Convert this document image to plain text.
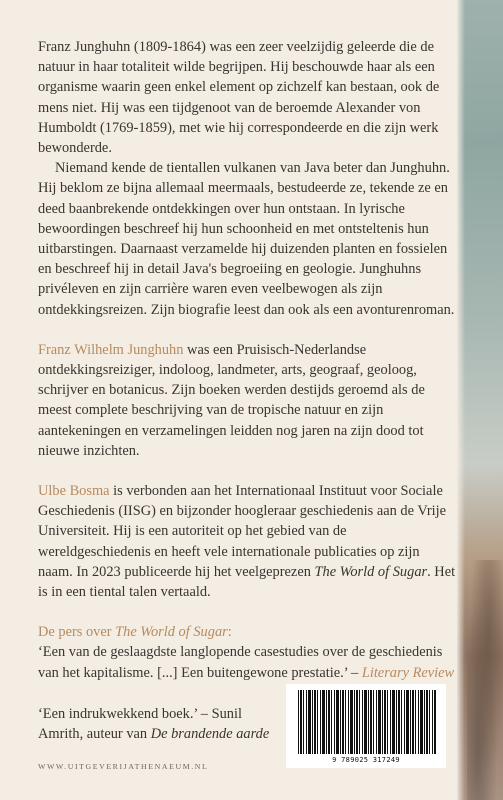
Franz Junghuhn (1809-1864) was een zeer veelzijdig geleerde die de natuur in haar totaliteit wilde begrijpen. Hij beschouwde haar als een organisme waarin geen enkel element op zichzelf kan bestaan, ook de mens niet. Hij was een tijdgenoot van de beroemde Alexander von Humboldt (1769-1859), met wie hij correspondeerde en die zijn werk bewonderde.

Niemand kende de tientallen vulkanen van Java beter dan Junghuhn. Hij beklom ze bijna allemaal meermaals, bestudeerde ze, tekende ze en deed baanbrekende ontdekkingen over hun ontstaan. In lyrische bewoordingen beschreef hij hun schoonheid en met ontsteltenis hun uitbarstingen. Daarnaast verzamelde hij duizenden planten en fossielen en beschreef hij in detail Java's begroeiing en geologie. Junghuhns privéleven en zijn carrière waren even veelbewogen als zijn ontdekkingsreizen. Zijn biografie leest dan ook als een avonturenroman.

Franz Wilhelm Junghuhn was een Pruisisch-Nederlandse ontdekkingsreiziger, indoloog, landmeter, arts, geograaf, geoloog, schrijver en botanicus. Zijn boeken werden destijds geroemd als de meest complete beschrijving van de tropische natuur en zijn aantekeningen en verzamelingen leidden nog jaren na zijn dood tot nieuwe inzichten.

Ulbe Bosma is verbonden aan het Internationaal Instituut voor Sociale Geschiedenis (IISG) en bijzonder hoogleraar geschiedenis aan de Vrije Universiteit. Hij is een autoriteit op het gebied van de wereldgeschiedenis en heeft vele internationale publicaties op zijn naam. In 2023 publiceerde hij het veelgeprezen The World of Sugar. Het is in een tiental talen vertaald.

De pers over The World of Sugar:

‘Een van de geslaagdste langlopende casestudies over de geschiedenis van het kapitalisme. [...] Een buitengewone prestatie.’ – Literary Review

‘Een indrukwekkend boek.’ – Sunil Amrith, auteur van De brandende aarde
WWW.UITGEVERIJATHENAEUM.NL
9 789025 317249
